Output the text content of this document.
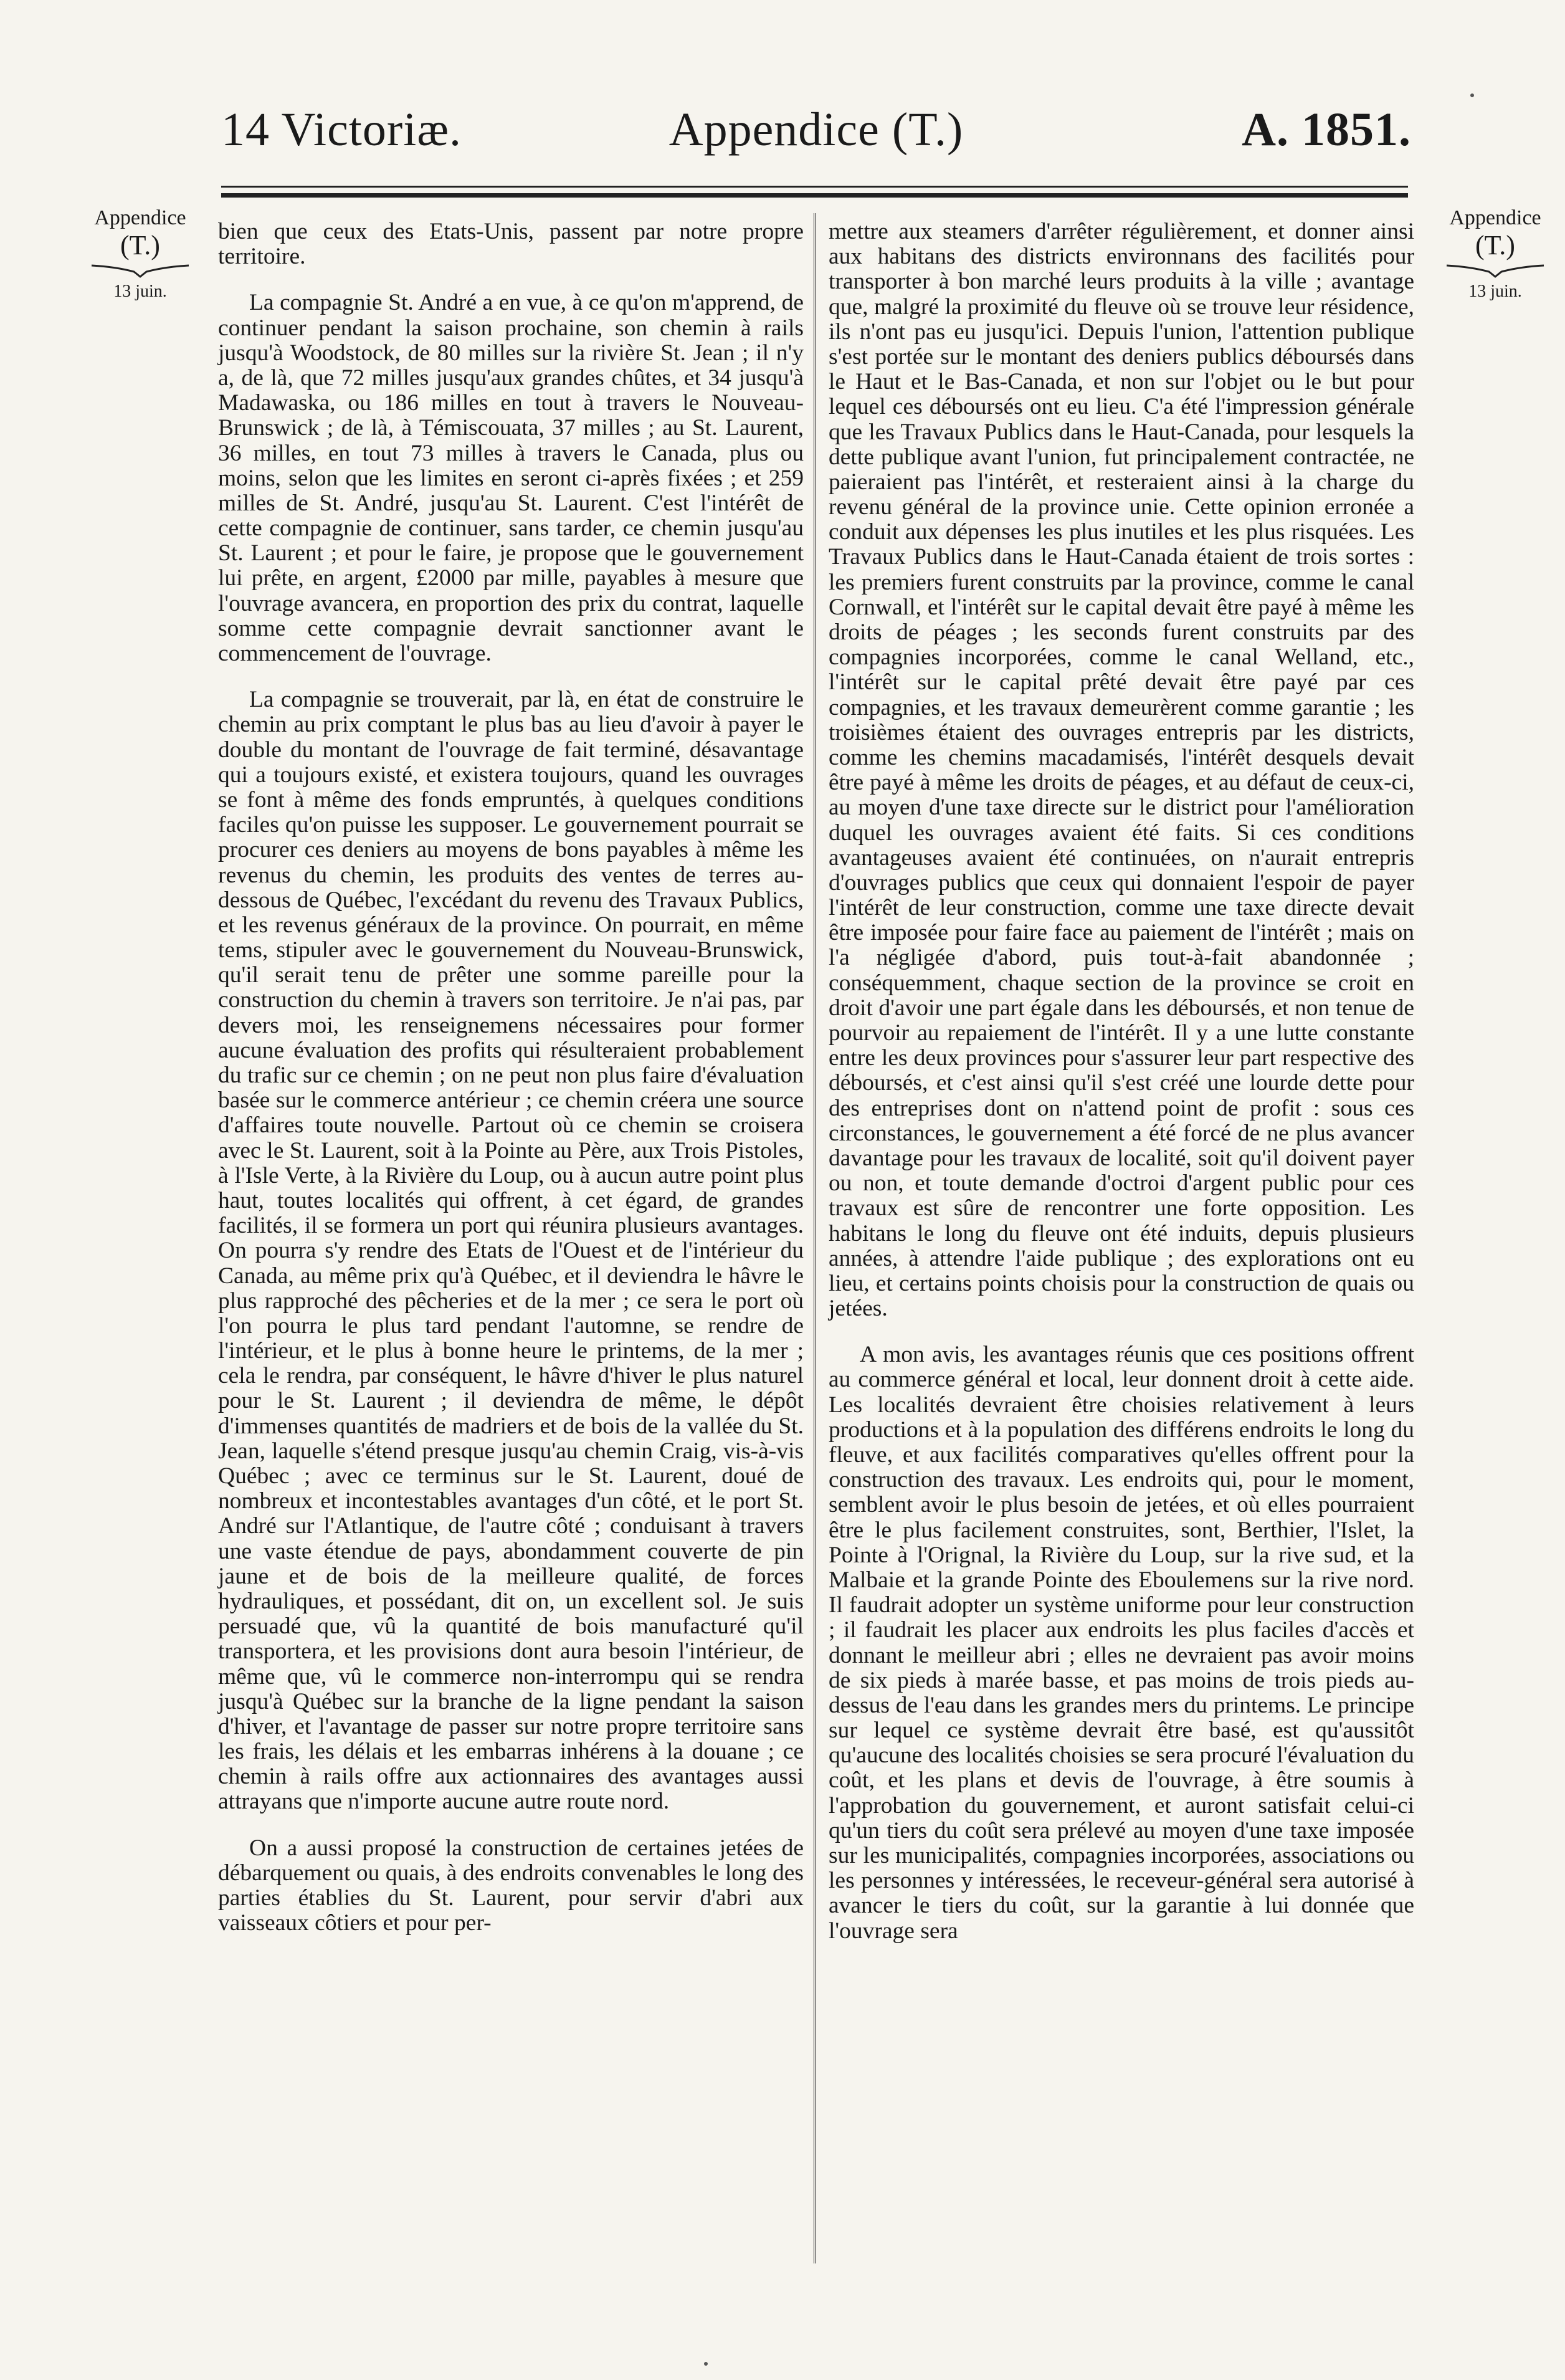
14 Victoriæ.	Appendice (T.)	A. 1851.
Appendice
(T.)
13 juin.
Appendice
(T.)
13 juin.

bien que ceux des Etats-Unis, passent par notre propre territoire.

La compagnie St. André a en vue, à ce qu'on m'apprend, de continuer pendant la saison prochaine, son chemin à rails jusqu'à Woodstock, de 80 milles sur la rivière St. Jean ; il n'y a, de là, que 72 milles jusqu'aux grandes chûtes, et 34 jusqu'à Madawaska, ou 186 milles en tout à travers le Nouveau-Brunswick ; de là, à Témiscouata, 37 milles ; au St. Laurent, 36 milles, en tout 73 milles à travers le Canada, plus ou moins, selon que les limites en seront ci-après fixées ; et 259 milles de St. André, jusqu'au St. Laurent. C'est l'intérêt de cette compagnie de continuer, sans tarder, ce chemin jusqu'au St. Laurent ; et pour le faire, je propose que le gouvernement lui prête, en argent, £2000 par mille, payables à mesure que l'ouvrage avancera, en proportion des prix du contrat, laquelle somme cette compagnie devrait sanctionner avant le commencement de l'ouvrage.

La compagnie se trouverait, par là, en état de construire le chemin au prix comptant le plus bas au lieu d'avoir à payer le double du montant de l'ouvrage de fait terminé, désavantage qui a toujours existé, et existera toujours, quand les ouvrages se font à même des fonds empruntés, à quelques conditions faciles qu'on puisse les supposer. Le gouvernement pourrait se procurer ces deniers au moyens de bons payables à même les revenus du chemin, les produits des ventes de terres au-dessous de Québec, l'excédant du revenu des Travaux Publics, et les revenus généraux de la province. On pourrait, en même tems, stipuler avec le gouvernement du Nouveau-Brunswick, qu'il serait tenu de prêter une somme pareille pour la construction du chemin à travers son territoire. Je n'ai pas, par devers moi, les renseignemens nécessaires pour former aucune évaluation des profits qui résulteraient probablement du trafic sur ce chemin ; on ne peut non plus faire d'évaluation basée sur le commerce antérieur ; ce chemin créera une source d'affaires toute nouvelle. Partout où ce chemin se croisera avec le St. Laurent, soit à la Pointe au Père, aux Trois Pistoles, à l'Isle Verte, à la Rivière du Loup, ou à aucun autre point plus haut, toutes localités qui offrent, à cet égard, de grandes facilités, il se formera un port qui réunira plusieurs avantages. On pourra s'y rendre des Etats de l'Ouest et de l'intérieur du Canada, au même prix qu'à Québec, et il deviendra le hâvre le plus rapproché des pêcheries et de la mer ; ce sera le port où l'on pourra le plus tard pendant l'automne, se rendre de l'intérieur, et le plus à bonne heure le printems, de la mer ; cela le rendra, par conséquent, le hâvre d'hiver le plus naturel pour le St. Laurent ; il deviendra de même, le dépôt d'immenses quantités de madriers et de bois de la vallée du St. Jean, laquelle s'étend presque jusqu'au chemin Craig, vis-à-vis Québec ; avec ce terminus sur le St. Laurent, doué de nombreux et incontestables avantages d'un côté, et le port St. André sur l'Atlantique, de l'autre côté ; conduisant à travers une vaste étendue de pays, abondamment couverte de pin jaune et de bois de la meilleure qualité, de forces hydrauliques, et possédant, dit on, un excellent sol. Je suis persuadé que, vû la quantité de bois manufacturé qu'il transportera, et les provisions dont aura besoin l'intérieur, de même que, vû le commerce non-interrompu qui se rendra jusqu'à Québec sur la branche de la ligne pendant la saison d'hiver, et l'avantage de passer sur notre propre territoire sans les frais, les délais et les embarras inhérens à la douane ; ce chemin à rails offre aux actionnaires des avantages aussi attrayans que n'importe aucune autre route nord.

On a aussi proposé la construction de certaines jetées de débarquement ou quais, à des endroits convenables le long des parties établies du St. Laurent, pour servir d'abri aux vaisseaux côtiers et pour per-

mettre aux steamers d'arrêter régulièrement, et donner ainsi aux habitans des districts environnans des facilités pour transporter à bon marché leurs produits à la ville ; avantage que, malgré la proximité du fleuve où se trouve leur résidence, ils n'ont pas eu jusqu'ici. Depuis l'union, l'attention publique s'est portée sur le montant des deniers publics déboursés dans le Haut et le Bas-Canada, et non sur l'objet ou le but pour lequel ces déboursés ont eu lieu. C'a été l'impression générale que les Travaux Publics dans le Haut-Canada, pour lesquels la dette publique avant l'union, fut principalement contractée, ne paieraient pas l'intérêt, et resteraient ainsi à la charge du revenu général de la province unie. Cette opinion erronée a conduit aux dépenses les plus inutiles et les plus risquées. Les Travaux Publics dans le Haut-Canada étaient de trois sortes : les premiers furent construits par la province, comme le canal Cornwall, et l'intérêt sur le capital devait être payé à même les droits de péages ; les seconds furent construits par des compagnies incorporées, comme le canal Welland, etc., l'intérêt sur le capital prêté devait être payé par ces compagnies, et les travaux demeurèrent comme garantie ; les troisièmes étaient des ouvrages entrepris par les districts, comme les chemins macadamisés, l'intérêt desquels devait être payé à même les droits de péages, et au défaut de ceux-ci, au moyen d'une taxe directe sur le district pour l'amélioration duquel les ouvrages avaient été faits. Si ces conditions avantageuses avaient été continuées, on n'aurait entrepris d'ouvrages publics que ceux qui donnaient l'espoir de payer l'intérêt de leur construction, comme une taxe directe devait être imposée pour faire face au paiement de l'intérêt ; mais on l'a négligée d'abord, puis tout-à-fait abandonnée ; conséquemment, chaque section de la province se croit en droit d'avoir une part égale dans les déboursés, et non tenue de pourvoir au repaiement de l'intérêt. Il y a une lutte constante entre les deux provinces pour s'assurer leur part respective des déboursés, et c'est ainsi qu'il s'est créé une lourde dette pour des entreprises dont on n'attend point de profit : sous ces circonstances, le gouvernement a été forcé de ne plus avancer davantage pour les travaux de localité, soit qu'il doivent payer ou non, et toute demande d'octroi d'argent public pour ces travaux est sûre de rencontrer une forte opposition. Les habitans le long du fleuve ont été induits, depuis plusieurs années, à attendre l'aide publique ; des explorations ont eu lieu, et certains points choisis pour la construction de quais ou jetées.

A mon avis, les avantages réunis que ces positions offrent au commerce général et local, leur donnent droit à cette aide. Les localités devraient être choisies relativement à leurs productions et à la population des différens endroits le long du fleuve, et aux facilités comparatives qu'elles offrent pour la construction des travaux. Les endroits qui, pour le moment, semblent avoir le plus besoin de jetées, et où elles pourraient être le plus facilement construites, sont, Berthier, l'Islet, la Pointe à l'Orignal, la Rivière du Loup, sur la rive sud, et la Malbaie et la grande Pointe des Eboulemens sur la rive nord. Il faudrait adopter un système uniforme pour leur construction ; il faudrait les placer aux endroits les plus faciles d'accès et donnant le meilleur abri ; elles ne devraient pas avoir moins de six pieds à marée basse, et pas moins de trois pieds au-dessus de l'eau dans les grandes mers du printems. Le principe sur lequel ce système devrait être basé, est qu'aussitôt qu'aucune des localités choisies se sera procuré l'évaluation du coût, et les plans et devis de l'ouvrage, à être soumis à l'approbation du gouvernement, et auront satisfait celui-ci qu'un tiers du coût sera prélevé au moyen d'une taxe imposée sur les municipalités, compagnies incorporées, associations ou les personnes y intéressées, le receveur-général sera autorisé à avancer le tiers du coût, sur la garantie à lui donnée que l'ouvrage sera
